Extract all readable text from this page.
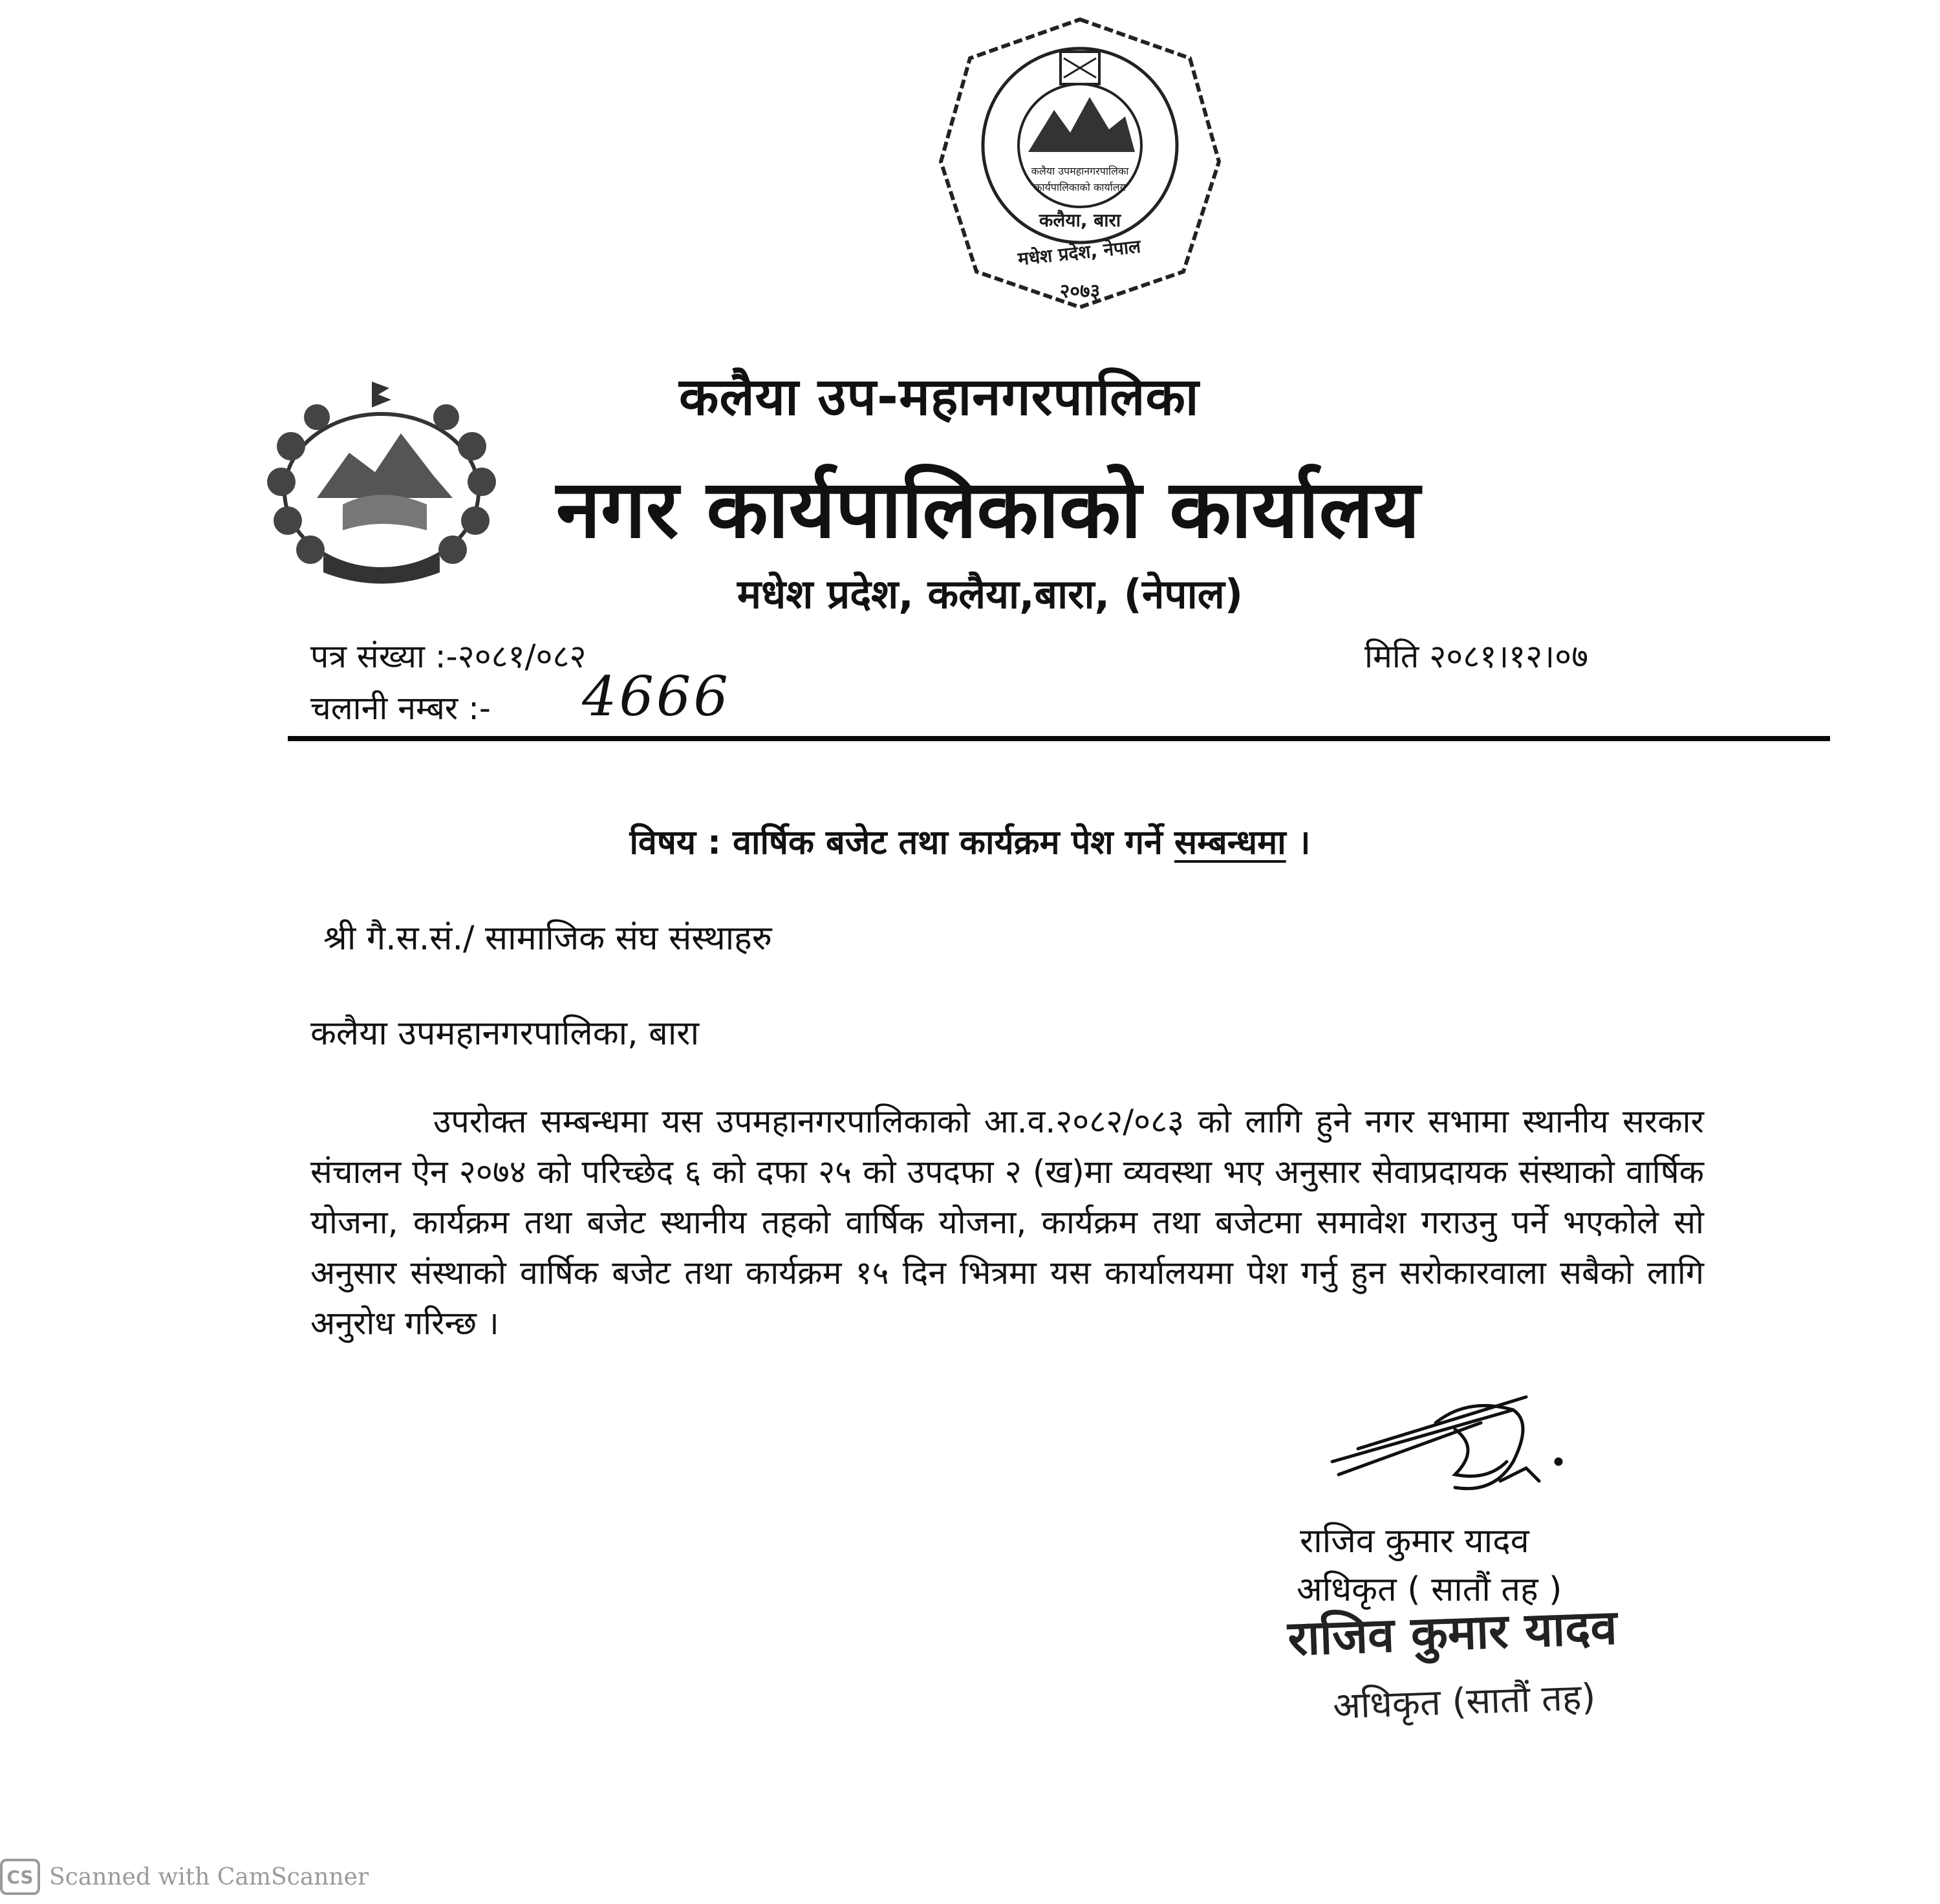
कलैया, बारा
मधेश प्रदेश, नेपाल
२०७३
कलैया उपमहानगरपालिका
कार्यपालिकाको कार्यालय
कलैया उप-महानगरपालिका
नगर कार्यपालिकाको कार्यालय
मधेश प्रदेश, कलैया,बारा, (नेपाल)
पत्र संख्या :-२०८१/०८२
चलानी नम्बर :- 4666
मिति २०८१।१२।०७
विषय : वार्षिक बजेट तथा कार्यक्रम पेश गर्ने सम्बन्धमा ।
श्री गै.स.सं./ सामाजिक संघ संस्थाहरु
कलैया उपमहानगरपालिका, बारा
उपरोक्त सम्बन्धमा यस उपमहानगरपालिकाको आ.व.२०८२/०८३ को लागि हुने नगर सभामा स्थानीय सरकार संचालन ऐन २०७४ को परिच्छेद ६ को दफा २५ को उपदफा २ (ख)मा व्यवस्था भए अनुसार सेवाप्रदायक संस्थाको वार्षिक योजना, कार्यक्रम तथा बजेट स्थानीय तहको वार्षिक योजना, कार्यक्रम तथा बजेटमा समावेश गराउनु पर्ने भएकोले सो अनुसार संस्थाको वार्षिक बजेट तथा कार्यक्रम १५ दिन भित्रमा यस कार्यालयमा पेश गर्नु हुन सरोकारवाला सबैको लागि अनुरोध गरिन्छ ।
राजिव कुमार यादव
अधिकृत ( सातौं तह )
राजिव कुमार यादव
अधिकृत (सातौं तह)
CS Scanned with CamScanner
